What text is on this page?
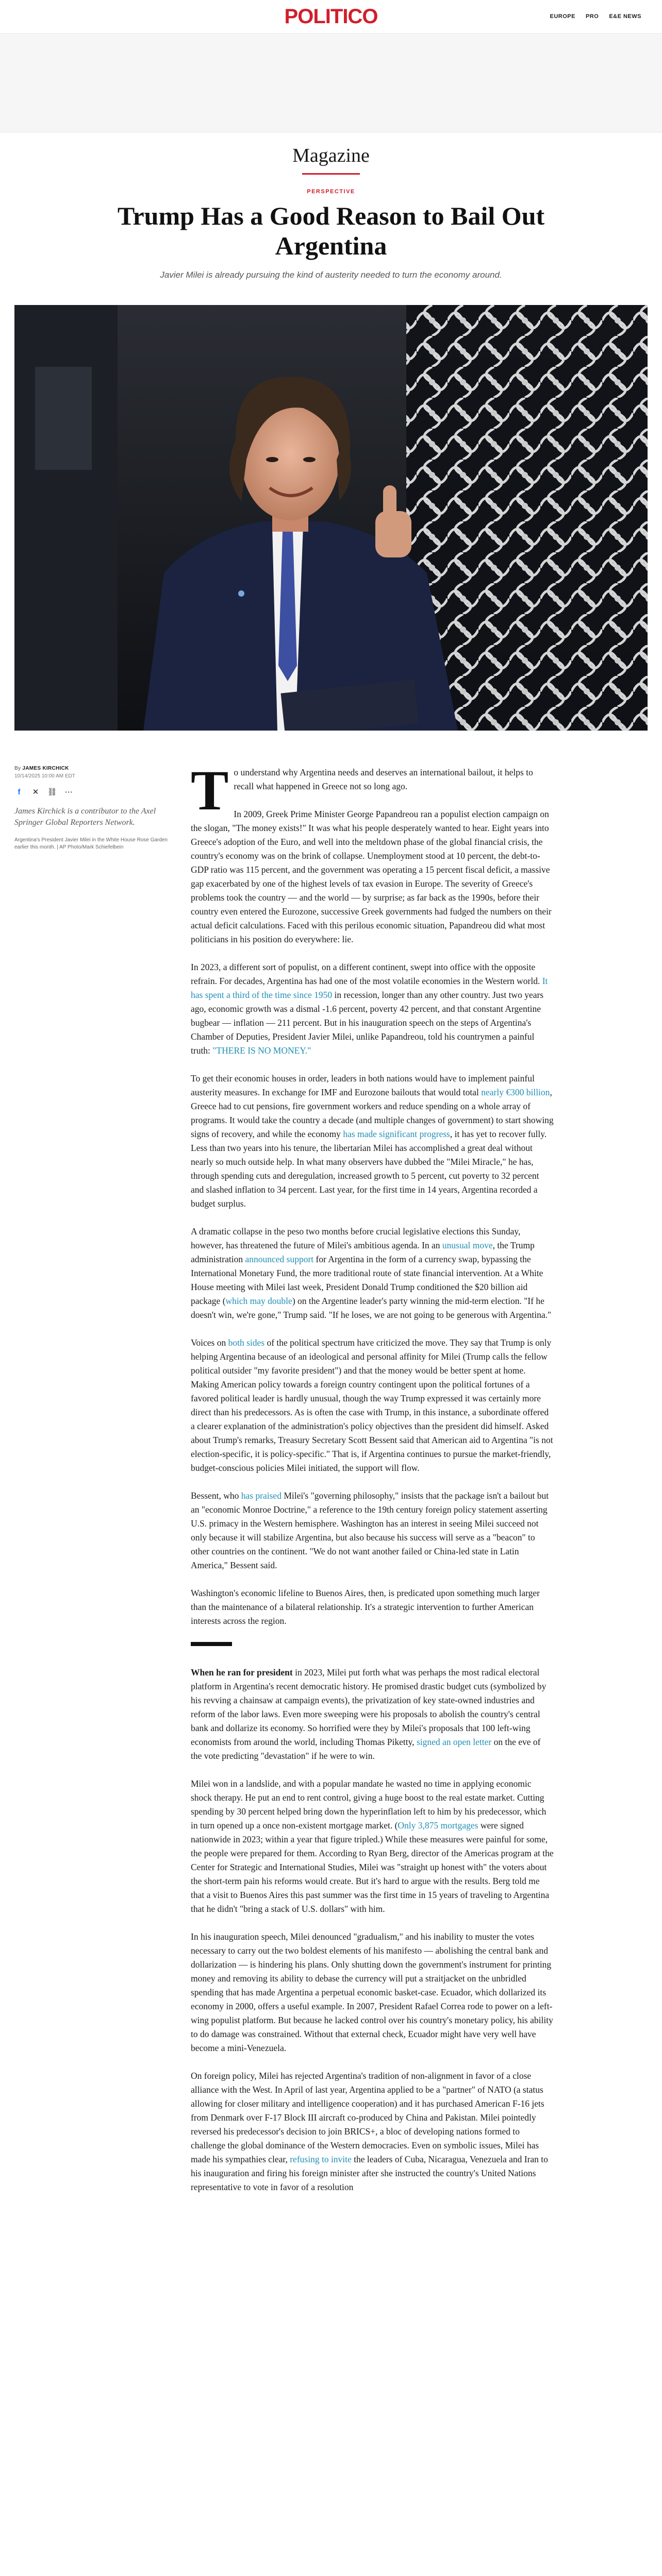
POLITICO	EUROPE PRO E&E NEWS
Magazine
PERSPECTIVE
Trump Has a Good Reason to Bail Out Argentina
Javier Milei is already pursuing the kind of austerity needed to turn the economy around.
By JAMES KIRCHICK
10/14/2025 10:00 AM EDT
f	✕ ⛓ ⋯

James Kirchick is a contributor to the Axel Springer Global Reporters Network.

Argentina's President Javier Milei in the White House Rose Garden earlier this month. | AP Photo/Mark Schiefelbein

To understand why Argentina needs and deserves an international bailout, it helps to recall what happened in Greece not so long ago.

In 2009, Greek Prime Minister George Papandreou ran a populist election campaign on the slogan, "The money exists!" It was what his people desperately wanted to hear. Eight years into Greece's adoption of the Euro, and well into the meltdown phase of the global financial crisis, the country's economy was on the brink of collapse. Unemployment stood at 10 percent, the debt-to-GDP ratio was 115 percent, and the government was operating a 15 percent fiscal deficit, a massive gap exacerbated by one of the highest levels of tax evasion in Europe. The severity of Greece's problems took the country — and the world — by surprise; as far back as the 1990s, before their country even entered the Eurozone, successive Greek governments had fudged the numbers on their actual deficit calculations. Faced with this perilous economic situation, Papandreou did what most politicians in his position do everywhere: lie.

In 2023, a different sort of populist, on a different continent, swept into office with the opposite refrain. For decades, Argentina has had one of the most volatile economies in the Western world. It has spent a third of the time since 1950 in recession, longer than any other country. Just two years ago, economic growth was a dismal -1.6 percent, poverty 42 percent, and that constant Argentine bugbear — inflation — 211 percent. But in his inauguration speech on the steps of Argentina's Chamber of Deputies, President Javier Milei, unlike Papandreou, told his countrymen a painful truth: "THERE IS NO MONEY."

To get their economic houses in order, leaders in both nations would have to implement painful austerity measures. In exchange for IMF and Eurozone bailouts that would total nearly €300 billion, Greece had to cut pensions, fire government workers and reduce spending on a whole array of programs. It would take the country a decade (and multiple changes of government) to start showing signs of recovery, and while the economy has made significant progress, it has yet to recover fully. Less than two years into his tenure, the libertarian Milei has accomplished a great deal without nearly so much outside help. In what many observers have dubbed the "Milei Miracle," he has, through spending cuts and deregulation, increased growth to 5 percent, cut poverty to 32 percent and slashed inflation to 34 percent. Last year, for the first time in 14 years, Argentina recorded a budget surplus.

A dramatic collapse in the peso two months before crucial legislative elections this Sunday, however, has threatened the future of Milei's ambitious agenda. In an unusual move, the Trump administration announced support for Argentina in the form of a currency swap, bypassing the International Monetary Fund, the more traditional route of state financial intervention. At a White House meeting with Milei last week, President Donald Trump conditioned the $20 billion aid package (which may double) on the Argentine leader's party winning the mid-term election. "If he doesn't win, we're gone," Trump said. "If he loses, we are not going to be generous with Argentina."

Voices on both sides of the political spectrum have criticized the move. They say that Trump is only helping Argentina because of an ideological and personal affinity for Milei (Trump calls the fellow political outsider "my favorite president") and that the money would be better spent at home. Making American policy towards a foreign country contingent upon the political fortunes of a favored political leader is hardly unusual, though the way Trump expressed it was certainly more direct than his predecessors. As is often the case with Trump, in this instance, a subordinate offered a clearer explanation of the administration's policy objectives than the president did himself. Asked about Trump's remarks, Treasury Secretary Scott Bessent said that American aid to Argentina "is not election-specific, it is policy-specific." That is, if Argentina continues to pursue the market-friendly, budget-conscious policies Milei initiated, the support will flow.

Bessent, who has praised Milei's "governing philosophy," insists that the package isn't a bailout but an "economic Monroe Doctrine," a reference to the 19th century foreign policy statement asserting U.S. primacy in the Western hemisphere. Washington has an interest in seeing Milei succeed not only because it will stabilize Argentina, but also because his success will serve as a "beacon" to other countries on the continent. "We do not want another failed or China-led state in Latin America," Bessent said.

Washington's economic lifeline to Buenos Aires, then, is predicated upon something much larger than the maintenance of a bilateral relationship. It's a strategic intervention to further American interests across the region.

When he ran for president in 2023, Milei put forth what was perhaps the most radical electoral platform in Argentina's recent democratic history. He promised drastic budget cuts (symbolized by his revving a chainsaw at campaign events), the privatization of key state-owned industries and reform of the labor laws. Even more sweeping were his proposals to abolish the country's central bank and dollarize its economy. So horrified were they by Milei's proposals that 100 left-wing economists from around the world, including Thomas Piketty, signed an open letter on the eve of the vote predicting "devastation" if he were to win.

Milei won in a landslide, and with a popular mandate he wasted no time in applying economic shock therapy. He put an end to rent control, giving a huge boost to the real estate market. Cutting spending by 30 percent helped bring down the hyperinflation left to him by his predecessor, which in turn opened up a once non-existent mortgage market. (Only 3,875 mortgages were signed nationwide in 2023; within a year that figure tripled.) While these measures were painful for some, the people were prepared for them. According to Ryan Berg, director of the Americas program at the Center for Strategic and International Studies, Milei was "straight up honest with" the voters about the short-term pain his reforms would create. But it's hard to argue with the results. Berg told me that a visit to Buenos Aires this past summer was the first time in 15 years of traveling to Argentina that he didn't "bring a stack of U.S. dollars" with him.

In his inauguration speech, Milei denounced "gradualism," and his inability to muster the votes necessary to carry out the two boldest elements of his manifesto — abolishing the central bank and dollarization — is hindering his plans. Only shutting down the government's instrument for printing money and removing its ability to debase the currency will put a straitjacket on the unbridled spending that has made Argentina a perpetual economic basket-case. Ecuador, which dollarized its economy in 2000, offers a useful example. In 2007, President Rafael Correa rode to power on a left-wing populist platform. But because he lacked control over his country's monetary policy, his ability to do damage was constrained. Without that external check, Ecuador might have very well have become a mini-Venezuela.

On foreign policy, Milei has rejected Argentina's tradition of non-alignment in favor of a close alliance with the West. In April of last year, Argentina applied to be a "partner" of NATO (a status allowing for closer military and intelligence cooperation) and it has purchased American F-16 jets from Denmark over F-17 Block III aircraft co-produced by China and Pakistan. Milei pointedly reversed his predecessor's decision to join BRICS+, a bloc of developing nations formed to challenge the global dominance of the Western democracies. Even on symbolic issues, Milei has made his sympathies clear, refusing to invite the leaders of Cuba, Nicaragua, Venezuela and Iran to his inauguration and firing his foreign minister after she instructed the country's United Nations representative to vote in favor of a resolution
